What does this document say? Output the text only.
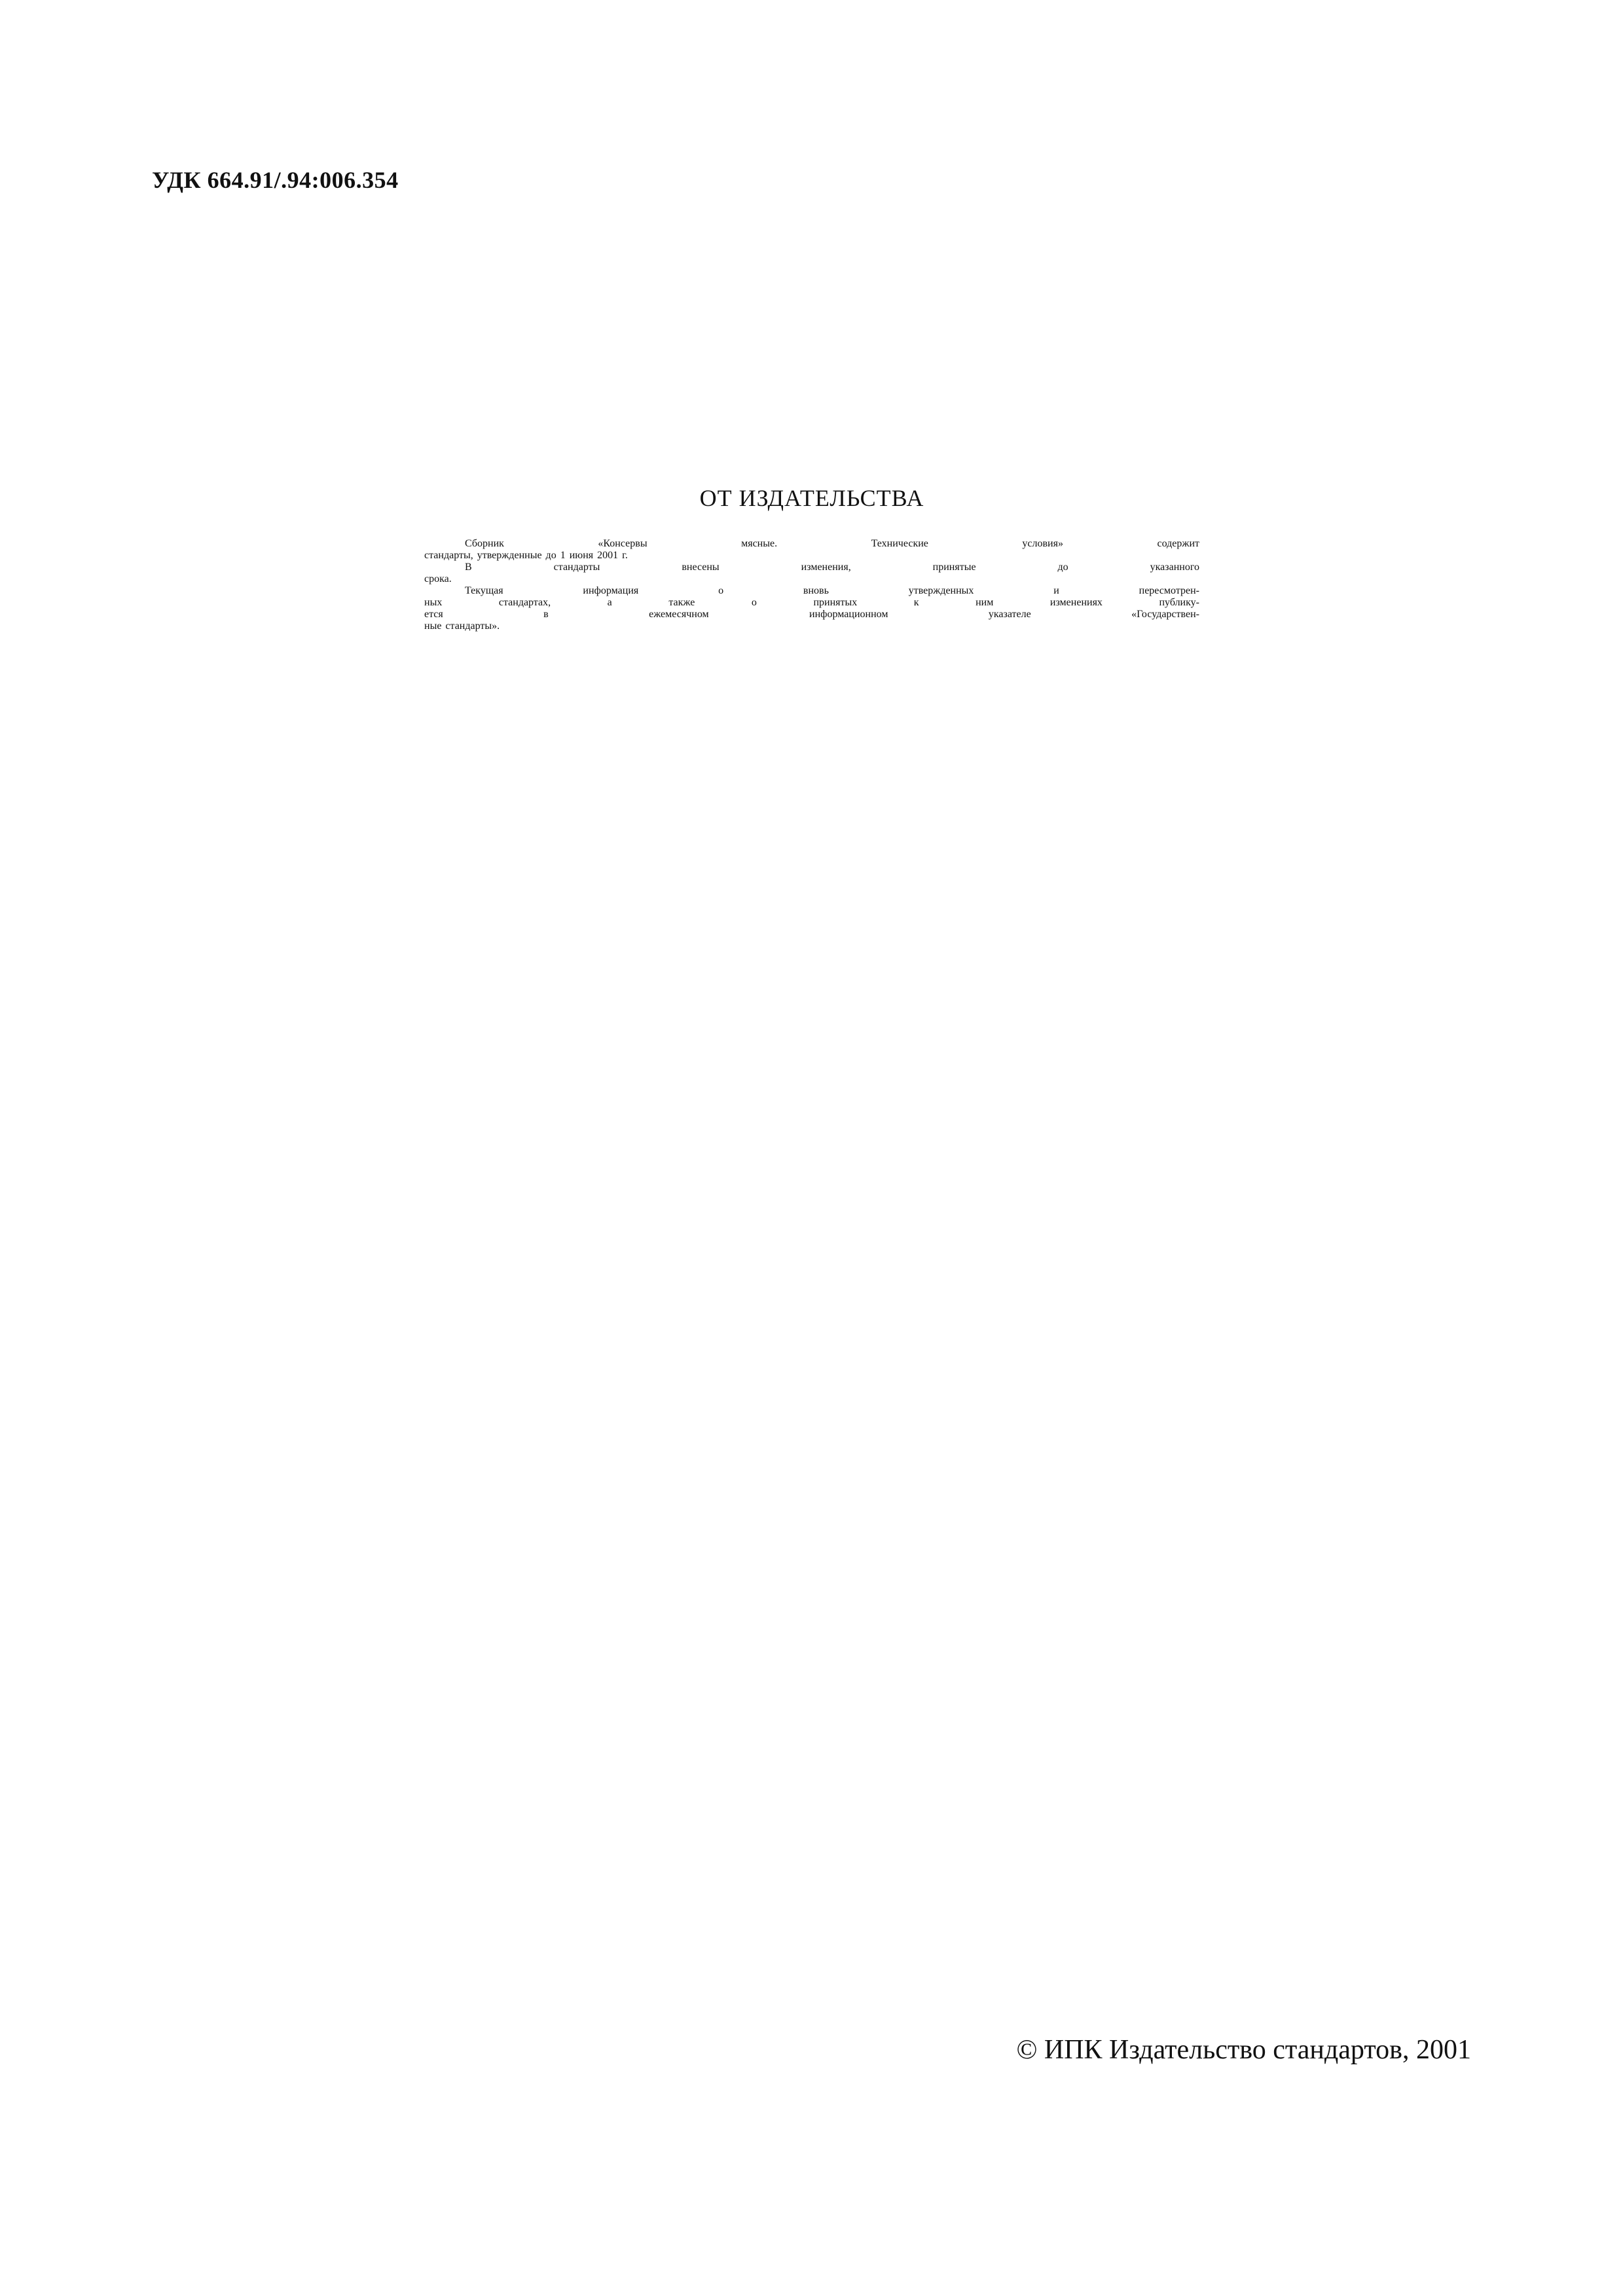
УДК 664.91/.94:006.354
ОТ ИЗДАТЕЛЬСТВА
Сборник «Консервы мясные. Технические условия» содержит
стандарты, утвержденные до 1 июня 2001 г.
В стандарты внесены изменения, принятые до указанного
срока.
Текущая информация о вновь утвержденных и пересмотрен-
ных стандартах, а также о принятых к ним изменениях публику-
ется в ежемесячном информационном указателе «Государствен-
ные стандарты».
© ИПК Издательство стандартов, 2001
